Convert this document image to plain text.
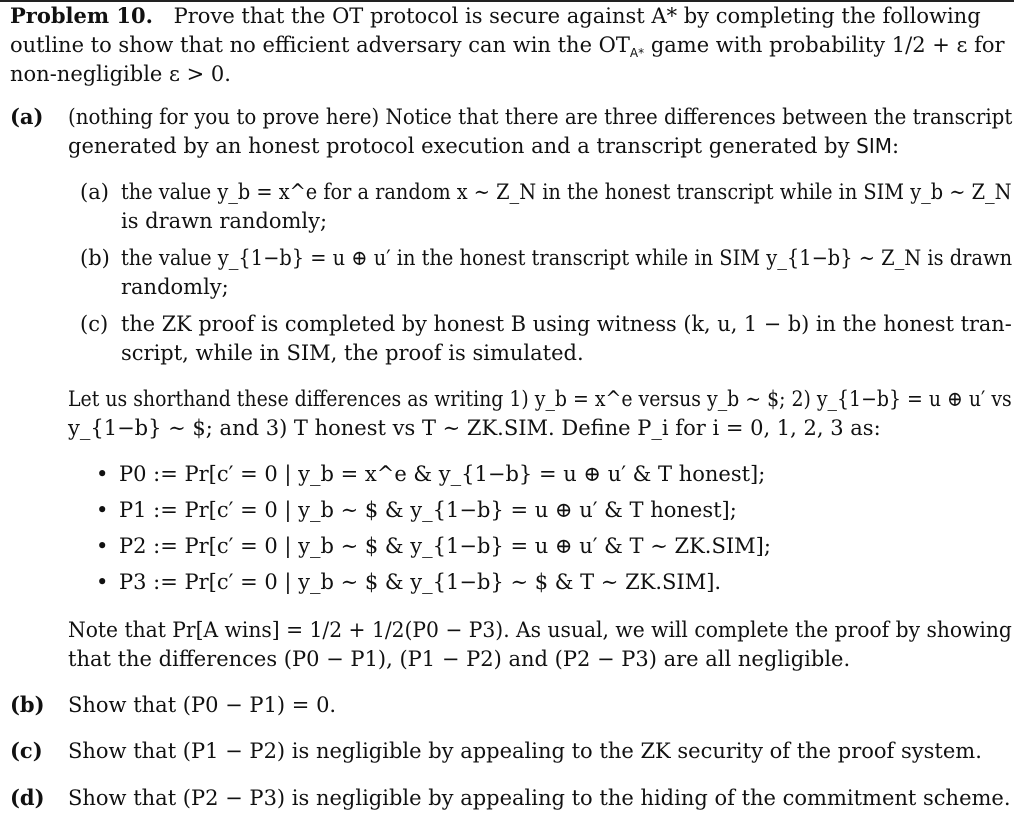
Problem 10. Prove that the OT protocol is secure against A* by completing the following
outline to show that no efficient adversary can win the $OT_{A*}$ game with probability 1/2 + ε for
non-negligible ε > 0.
(a) (nothing for you to prove here) Notice that there are three differences between the transcript
generated by an honest protocol execution and a transcript generated by SIM:
(a) the value y_b = x^e for a random x ∼ Z_N in the honest transcript while in SIM y_b ∼ Z_N
is drawn randomly;
(b) the value y_{1−b} = u ⊕ u′ in the honest transcript while in SIM y_{1−b} ∼ Z_N is drawn
randomly;
(c) the ZK proof is completed by honest B using witness (k, u, 1 − b) in the honest tran-
script, while in SIM, the proof is simulated.
Let us shorthand these differences as writing 1) y_b = x^e versus y_b ∼ $; 2) y_{1−b} = u ⊕ u′ vs
y_{1−b} ∼ $; and 3) T honest vs T ∼ ZK.SIM. Define P_i for i = 0, 1, 2, 3 as:
• P0 := Pr[c′ = 0 | y_b = x^e & y_{1−b} = u ⊕ u′ & T honest];
• P1 := Pr[c′ = 0 | y_b ∼ $ & y_{1−b} = u ⊕ u′ & T honest];
• P2 := Pr[c′ = 0 | y_b ∼ $ & y_{1−b} = u ⊕ u′ & T ∼ ZK.SIM];
• P3 := Pr[c′ = 0 | y_b ∼ $ & y_{1−b} ∼ $ & T ∼ ZK.SIM].
Note that Pr[A wins] = 1/2 + 1/2(P0 − P3). As usual, we will complete the proof by showing
that the differences (P0 − P1), (P1 − P2) and (P2 − P3) are all negligible.
(b) Show that (P0 − P1) = 0.
(c) Show that (P1 − P2) is negligible by appealing to the ZK security of the proof system.
(d) Show that (P2 − P3) is negligible by appealing to the hiding of the commitment scheme.
